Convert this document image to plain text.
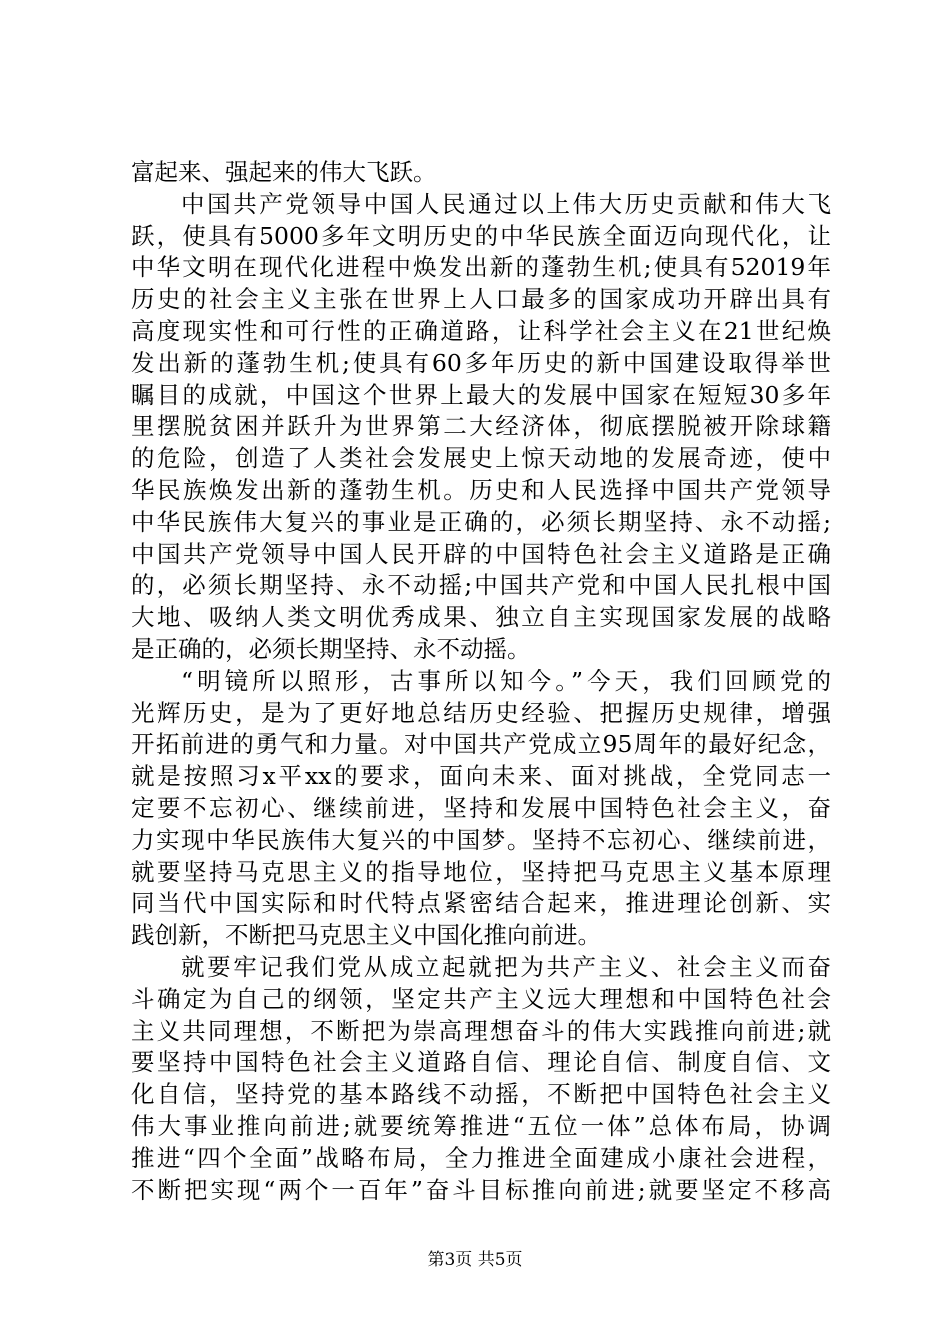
富起来、强起来的伟大飞跃。
中国共产党领导中国人民通过以上伟大历史贡献和伟大飞
跃，使具有5000多年文明历史的中华民族全面迈向现代化，让
中华文明在现代化进程中焕发出新的蓬勃生机;使具有52019年
历史的社会主义主张在世界上人口最多的国家成功开辟出具有
高度现实性和可行性的正确道路，让科学社会主义在21世纪焕
发出新的蓬勃生机;使具有60多年历史的新中国建设取得举世
瞩目的成就，中国这个世界上最大的发展中国家在短短30多年
里摆脱贫困并跃升为世界第二大经济体，彻底摆脱被开除球籍
的危险，创造了人类社会发展史上惊天动地的发展奇迹，使中
华民族焕发出新的蓬勃生机。历史和人民选择中国共产党领导
中华民族伟大复兴的事业是正确的，必须长期坚持、永不动摇;
中国共产党领导中国人民开辟的中国特色社会主义道路是正确
的，必须长期坚持、永不动摇;中国共产党和中国人民扎根中国
大地、吸纳人类文明优秀成果、独立自主实现国家发展的战略
是正确的，必须长期坚持、永不动摇。
“明镜所以照形，古事所以知今。”今天，我们回顾党的
光辉历史，是为了更好地总结历史经验、把握历史规律，增强
开拓前进的勇气和力量。对中国共产党成立95周年的最好纪念，
就是按照习x平xx的要求，面向未来、面对挑战，全党同志一
定要不忘初心、继续前进，坚持和发展中国特色社会主义，奋
力实现中华民族伟大复兴的中国梦。坚持不忘初心、继续前进，
就要坚持马克思主义的指导地位，坚持把马克思主义基本原理
同当代中国实际和时代特点紧密结合起来，推进理论创新、实
践创新，不断把马克思主义中国化推向前进。
就要牢记我们党从成立起就把为共产主义、社会主义而奋
斗确定为自己的纲领，坚定共产主义远大理想和中国特色社会
主义共同理想，不断把为崇高理想奋斗的伟大实践推向前进;就
要坚持中国特色社会主义道路自信、理论自信、制度自信、文
化自信，坚持党的基本路线不动摇，不断把中国特色社会主义
伟大事业推向前进;就要统筹推进“五位一体”总体布局，协调
推进“四个全面”战略布局，全力推进全面建成小康社会进程，
不断把实现“两个一百年”奋斗目标推向前进;就要坚定不移高
第3页 共5页
